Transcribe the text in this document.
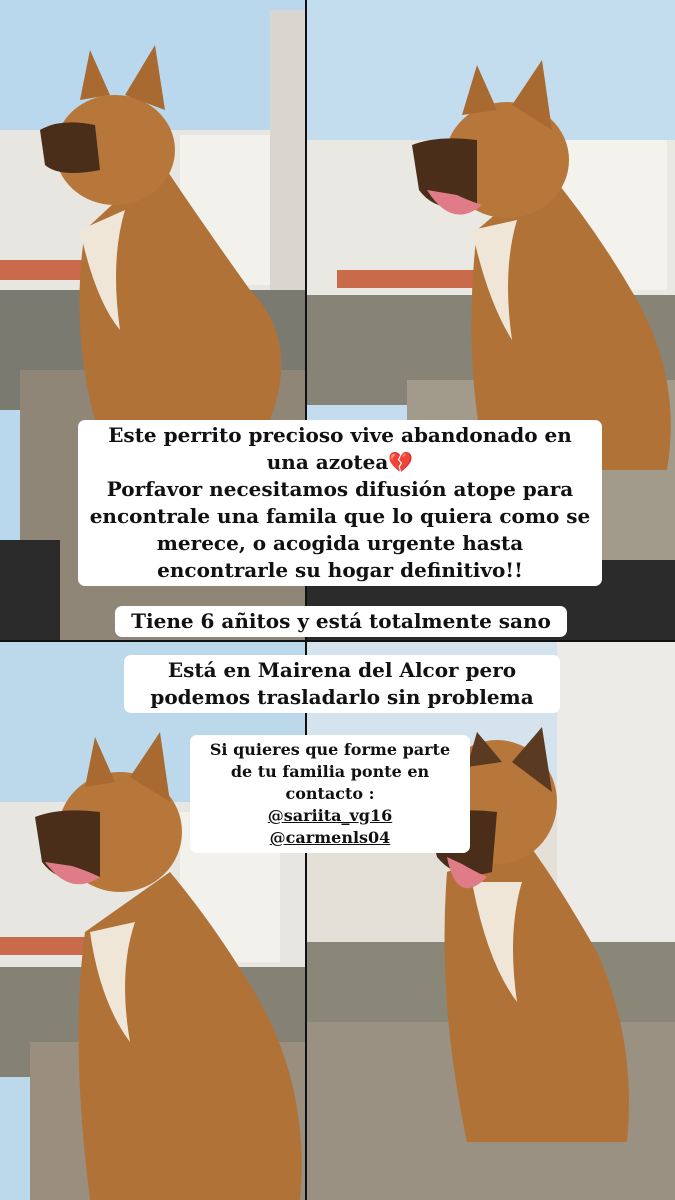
Este perrito precioso vive abandonado en una azotea💔
Porfavor necesitamos difusión atope para encontrale una famila que lo quiera como se merece, o acogida urgente hasta encontrarle su hogar definitivo!!
Tiene 6 añitos y está totalmente sano
Está en Mairena del Alcor pero podemos trasladarlo sin problema
Si quieres que forme parte de tu familia ponte en contacto :
@sariita_vg16
@carmenls04
